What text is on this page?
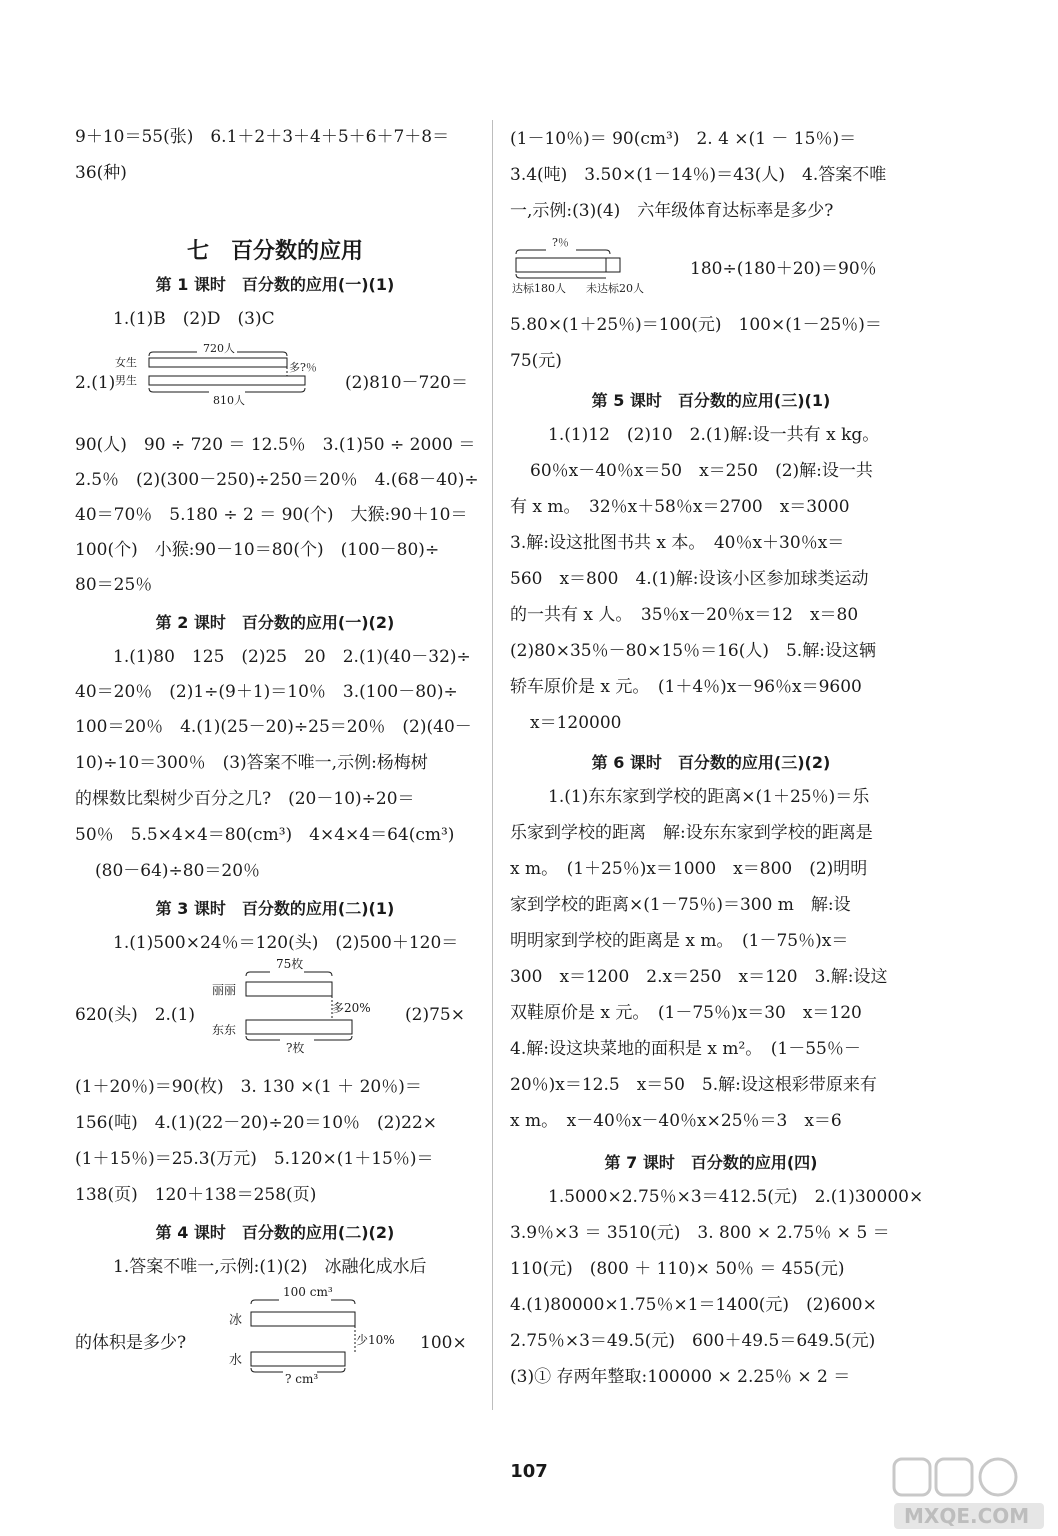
9＋10＝55(张)　6.1＋2＋3＋4＋5＋6＋7＋8＝
36(种)
七　百分数的应用
第 1 课时　百分数的应用(一)(1)
1.(1)B　(2)D　(3)C
2.(1)
720人
女生
男生
多?％
810人
(2)810－720＝
90(人)　90 ÷ 720 ＝ 12.5％　3.(1)50 ÷ 2000 ＝
2.5％　(2)(300－250)÷250＝20％　4.(68－40)÷
40＝70％　5.180 ÷ 2 ＝ 90(个)　大猴:90＋10＝
100(个)　小猴:90－10＝80(个)　(100－80)÷
80＝25％
第 2 课时　百分数的应用(一)(2)
1.(1)80　125　(2)25　20　2.(1)(40－32)÷
40＝20％　(2)1÷(9＋1)＝10％　3.(100－80)÷
100＝20％　4.(1)(25－20)÷25＝20％　(2)(40－
10)÷10＝300％　(3)答案不唯一,示例:杨梅树
的棵数比梨树少百分之几?　(20－10)÷20＝
50％　5.5×4×4＝80(cm³)　4×4×4＝64(cm³)
(80－64)÷80＝20％
第 3 课时　百分数的应用(二)(1)
1.(1)500×24％＝120(头)　(2)500＋120＝
620(头)　2.(1)
75枚
丽丽
多20%
东东
?枚
(2)75×
(1＋20％)＝90(枚)　3. 130 ×(1 ＋ 20％)＝
156(吨)　4.(1)(22－20)÷20＝10％　(2)22×
(1＋15％)＝25.3(万元)　5.120×(1＋15％)＝
138(页)　120＋138＝258(页)
第 4 课时　百分数的应用(二)(2)
1.答案不唯一,示例:(1)(2)　冰融化成水后
的体积是多少?
100 cm³
冰
少10%
水
? cm³
100×
(1－10％)＝ 90(cm³)　2. 4 ×(1 － 15％)＝
3.4(吨)　3.50×(1－14％)＝43(人)　4.答案不唯
一,示例:(3)(4)　六年级体育达标率是多少?
?％
达标180人 未达标20人
180÷(180＋20)＝90％
5.80×(1＋25％)＝100(元)　100×(1－25％)＝
75(元)
第 5 课时　百分数的应用(三)(1)
1.(1)12　(2)10　2.(1)解:设一共有 x kg。
60％x－40％x＝50　x＝250　(2)解:设一共
有 x m。　32％x＋58％x＝2700　x＝3000
3.解:设这批图书共 x 本。　40％x＋30％x＝
560　x＝800　4.(1)解:设该小区参加球类运动
的一共有 x 人。　35％x－20％x＝12　x＝80
(2)80×35％－80×15％＝16(人)　5.解:设这辆
轿车原价是 x 元。　(1＋4％)x－96％x＝9600
x＝120000
第 6 课时　百分数的应用(三)(2)
1.(1)东东家到学校的距离×(1＋25％)＝乐
乐家到学校的距离　解:设东东家到学校的距离是
x m。　(1＋25％)x＝1000　x＝800　(2)明明
家到学校的距离×(1－75％)＝300 m　解:设
明明家到学校的距离是 x m。　(1－75％)x＝
300　x＝1200　2.x＝250　x＝120　3.解:设这
双鞋原价是 x 元。　(1－75％)x＝30　x＝120
4.解:设这块菜地的面积是 x m²。　(1－55％－
20％)x＝12.5　x＝50　5.解:设这根彩带原来有
x m。　x－40％x－40％x×25％＝3　x＝6
第 7 课时　百分数的应用(四)
1.5000×2.75％×3＝412.5(元)　2.(1)30000×
3.9％×3 ＝ 3510(元)　3. 800 × 2.75％ × 5 ＝
110(元)　(800 ＋ 110)× 50％ ＝ 455(元)
4.(1)80000×1.75％×1＝1400(元)　(2)600×
2.75％×3＝49.5(元)　600＋49.5＝649.5(元)
(3)① 存两年整取:100000 × 2.25％ × 2 ＝
107
MXQE.COM
